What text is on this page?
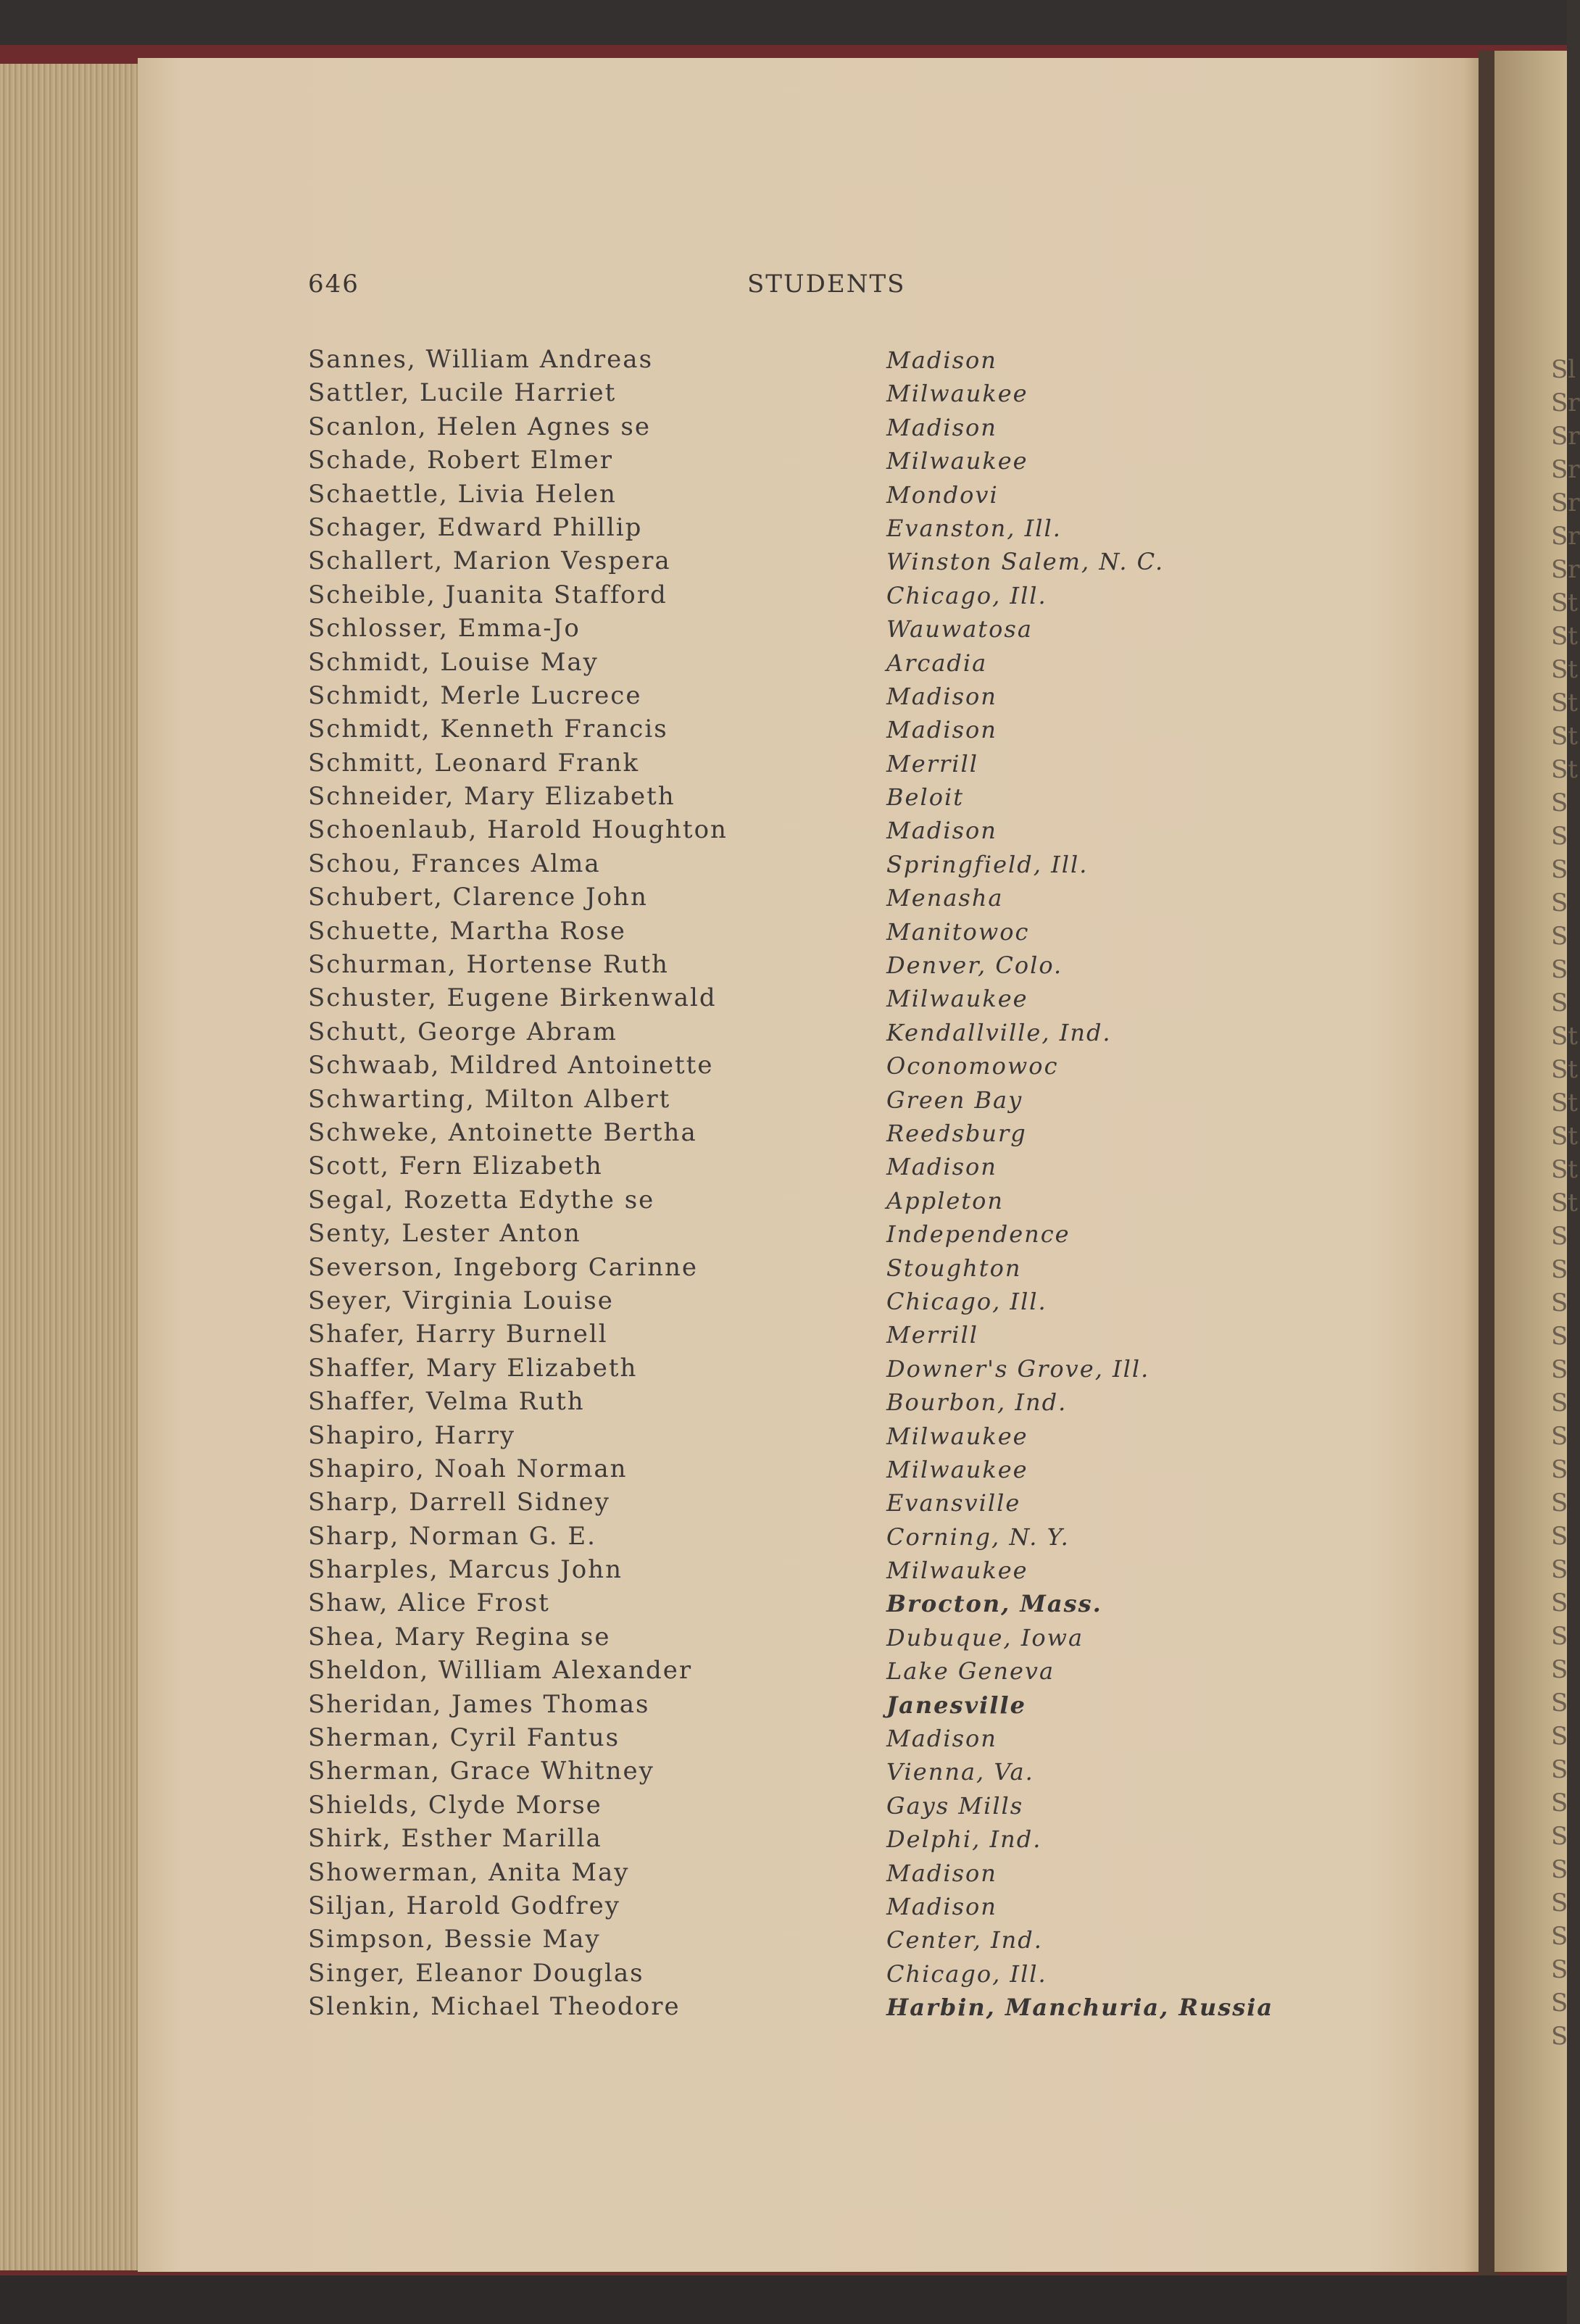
646	STUDENTS
Sannes, William Andreas	Madison
Sattler, Lucile Harriet	Milwaukee
Scanlon, Helen Agnes se	Madison
Schade, Robert Elmer	Milwaukee
Schaettle, Livia Helen	Mondovi
Schager, Edward Phillip	Evanston, Ill.
Schallert, Marion Vespera	Winston Salem, N. C.
Scheible, Juanita Stafford	Chicago, Ill.
Schlosser, Emma-Jo	Wauwatosa
Schmidt, Louise May	Arcadia
Schmidt, Merle Lucrece	Madison
Schmidt, Kenneth Francis	Madison
Schmitt, Leonard Frank	Merrill
Schneider, Mary Elizabeth	Beloit
Schoenlaub, Harold Houghton	Madison
Schou, Frances Alma	Springfield, Ill.
Schubert, Clarence John	Menasha
Schuette, Martha Rose	Manitowoc
Schurman, Hortense Ruth	Denver, Colo.
Schuster, Eugene Birkenwald	Milwaukee
Schutt, George Abram	Kendallville, Ind.
Schwaab, Mildred Antoinette	Oconomowoc
Schwarting, Milton Albert	Green Bay
Schweke, Antoinette Bertha	Reedsburg
Scott, Fern Elizabeth	Madison
Segal, Rozetta Edythe se	Appleton
Senty, Lester Anton	Independence
Severson, Ingeborg Carinne	Stoughton
Seyer, Virginia Louise	Chicago, Ill.
Shafer, Harry Burnell	Merrill
Shaffer, Mary Elizabeth	Downer's Grove, Ill.
Shaffer, Velma Ruth	Bourbon, Ind.
Shapiro, Harry	Milwaukee
Shapiro, Noah Norman	Milwaukee
Sharp, Darrell Sidney	Evansville
Sharp, Norman G. E.	Corning, N. Y.
Sharples, Marcus John	Milwaukee
Shaw, Alice Frost	Brocton, Mass.
Shea, Mary Regina se	Dubuque, Iowa
Sheldon, William Alexander	Lake Geneva
Sheridan, James Thomas	Janesville
Sherman, Cyril Fantus	Madison
Sherman, Grace Whitney	Vienna, Va.
Shields, Clyde Morse	Gays Mills
Shirk, Esther Marilla	Delphi, Ind.
Showerman, Anita May	Madison
Siljan, Harold Godfrey	Madison
Simpson, Bessie May	Center, Ind.
Singer, Eleanor Douglas	Chicago, Ill.
Slenkin, Michael Theodore	Harbin, Manchuria, Russia
Sl
Sr
Sr
Sr
Sr
Sr
Sr
St
St
St
St
St
St
S
S
S
S
S
S
S
St
St
St
St
St
St
S
S
S
S
S
S
S
S
S
S
S
S
S
S
S
S
S
S
S
S
S
S
S
S
S
